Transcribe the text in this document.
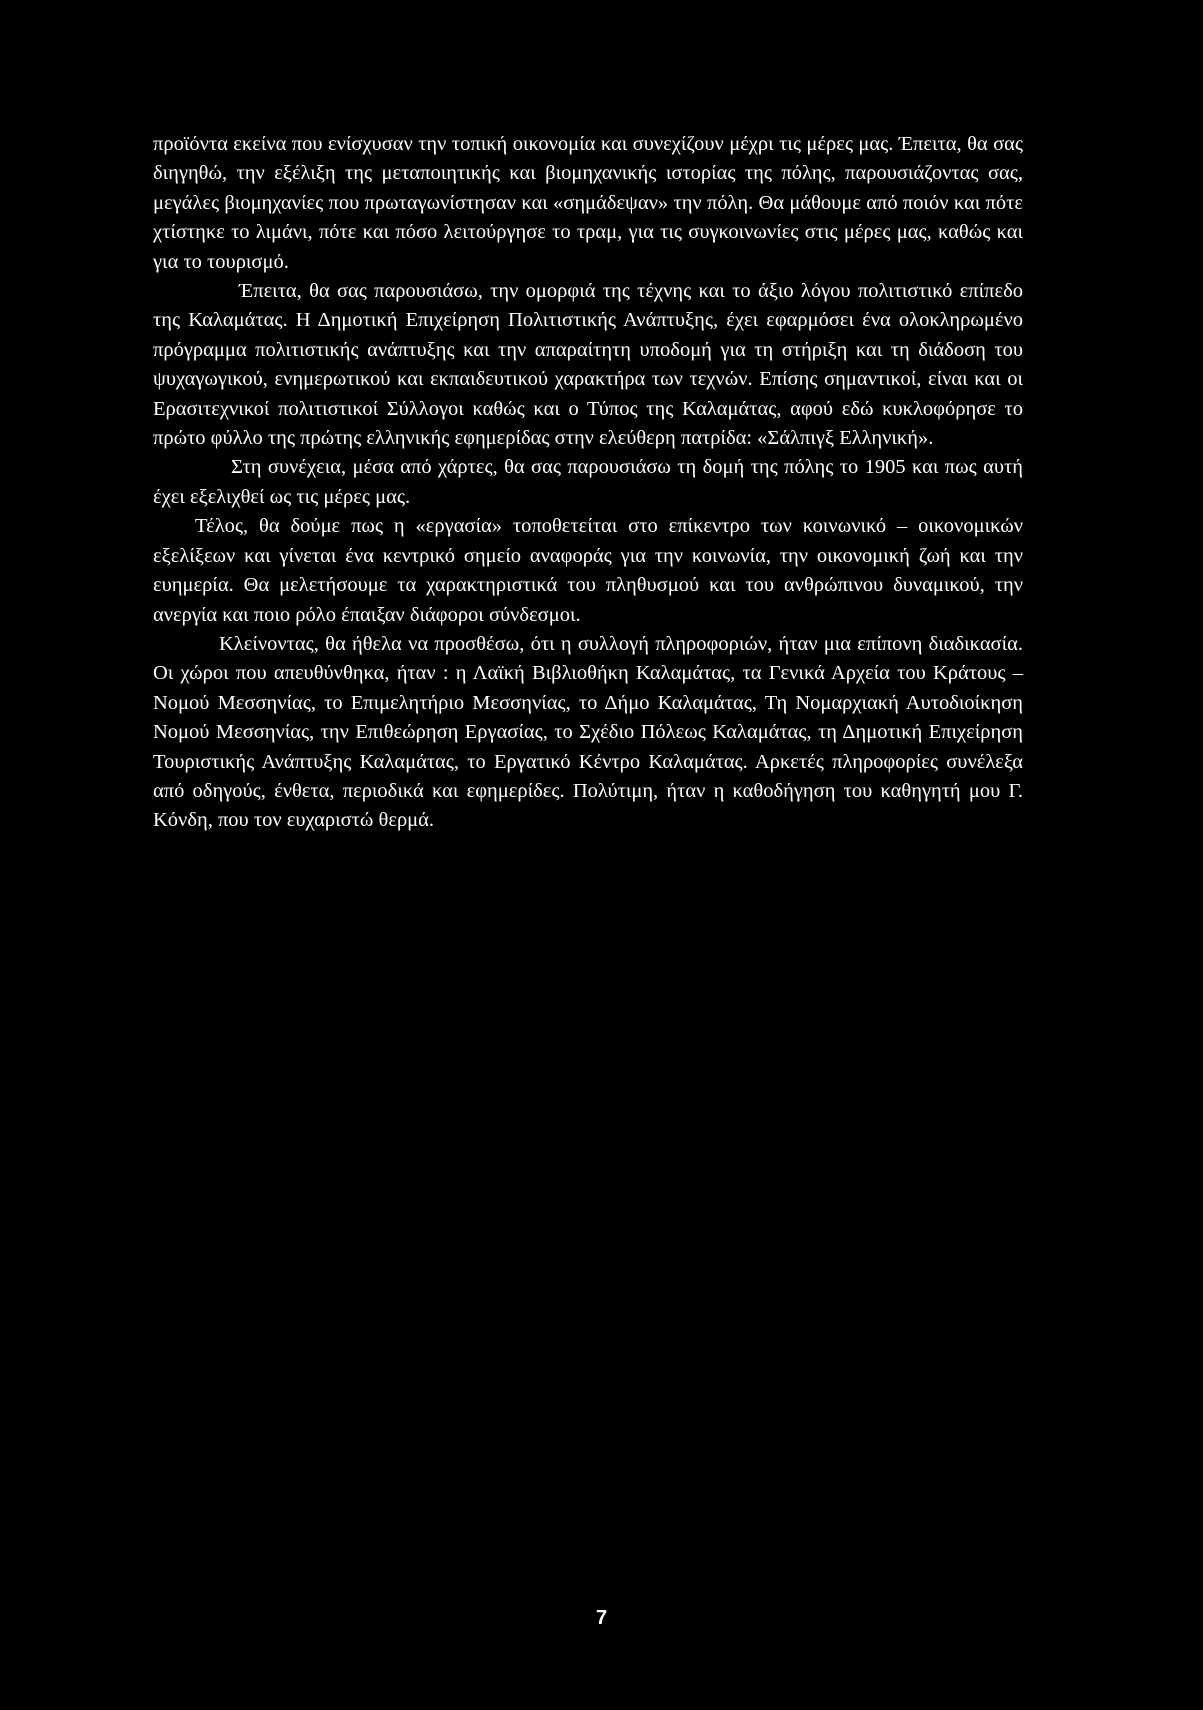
προϊόντα εκείνα που ενίσχυσαν την τοπική οικονομία και συνεχίζουν μέχρι τις μέρες μας. Έπειτα, θα σας διηγηθώ, την εξέλιξη της μεταποιητικής και βιομηχανικής ιστορίας της πόλης, παρουσιάζοντας σας, μεγάλες βιομηχανίες που πρωταγωνίστησαν και «σημάδεψαν» την πόλη. Θα μάθουμε από ποιόν και πότε χτίστηκε το λιμάνι, πότε και πόσο λειτούργησε το τραμ, για τις συγκοινωνίες στις μέρες μας, καθώς και για το τουρισμό.

Έπειτα, θα σας παρουσιάσω, την ομορφιά της τέχνης και το άξιο λόγου πολιτιστικό επίπεδο της Καλαμάτας. Η Δημοτική Επιχείρηση Πολιτιστικής Ανάπτυξης, έχει εφαρμόσει ένα ολοκληρωμένο πρόγραμμα πολιτιστικής ανάπτυξης και την απαραίτητη υποδομή για τη στήριξη και τη διάδοση του ψυχαγωγικού, ενημερωτικού και εκπαιδευτικού χαρακτήρα των τεχνών. Επίσης σημαντικοί, είναι και οι Ερασιτεχνικοί πολιτιστικοί Σύλλογοι καθώς και ο Τύπος της Καλαμάτας, αφού εδώ κυκλοφόρησε το πρώτο φύλλο της πρώτης ελληνικής εφημερίδας στην ελεύθερη πατρίδα: «Σάλπιγξ Ελληνική».

Στη συνέχεια, μέσα από χάρτες, θα σας παρουσιάσω τη δομή της πόλης το 1905 και πως αυτή έχει εξελιχθεί ως τις μέρες μας.

Τέλος, θα δούμε πως η «εργασία» τοποθετείται στο επίκεντρο των κοινωνικό – οικονομικών εξελίξεων και γίνεται ένα κεντρικό σημείο αναφοράς για την κοινωνία, την οικονομική ζωή και την ευημερία. Θα μελετήσουμε τα χαρακτηριστικά του πληθυσμού και του ανθρώπινου δυναμικού, την ανεργία και ποιο ρόλο έπαιξαν διάφοροι σύνδεσμοι.

Κλείνοντας, θα ήθελα να προσθέσω, ότι η συλλογή πληροφοριών, ήταν μια επίπονη διαδικασία. Οι χώροι που απευθύνθηκα, ήταν : η Λαϊκή Βιβλιοθήκη Καλαμάτας, τα Γενικά Αρχεία του Κράτους – Νομού Μεσσηνίας, το Επιμελητήριο Μεσσηνίας, το Δήμο Καλαμάτας, Τη Νομαρχιακή Αυτοδιοίκηση Νομού Μεσσηνίας, την Επιθεώρηση Εργασίας, το Σχέδιο Πόλεως Καλαμάτας, τη Δημοτική Επιχείρηση Τουριστικής Ανάπτυξης Καλαμάτας, το Εργατικό Κέντρο Καλαμάτας. Αρκετές πληροφορίες συνέλεξα από οδηγούς, ένθετα, περιοδικά και εφημερίδες. Πολύτιμη, ήταν η καθοδήγηση του καθηγητή μου Γ. Κόνδη, που τον ευχαριστώ θερμά.

7
